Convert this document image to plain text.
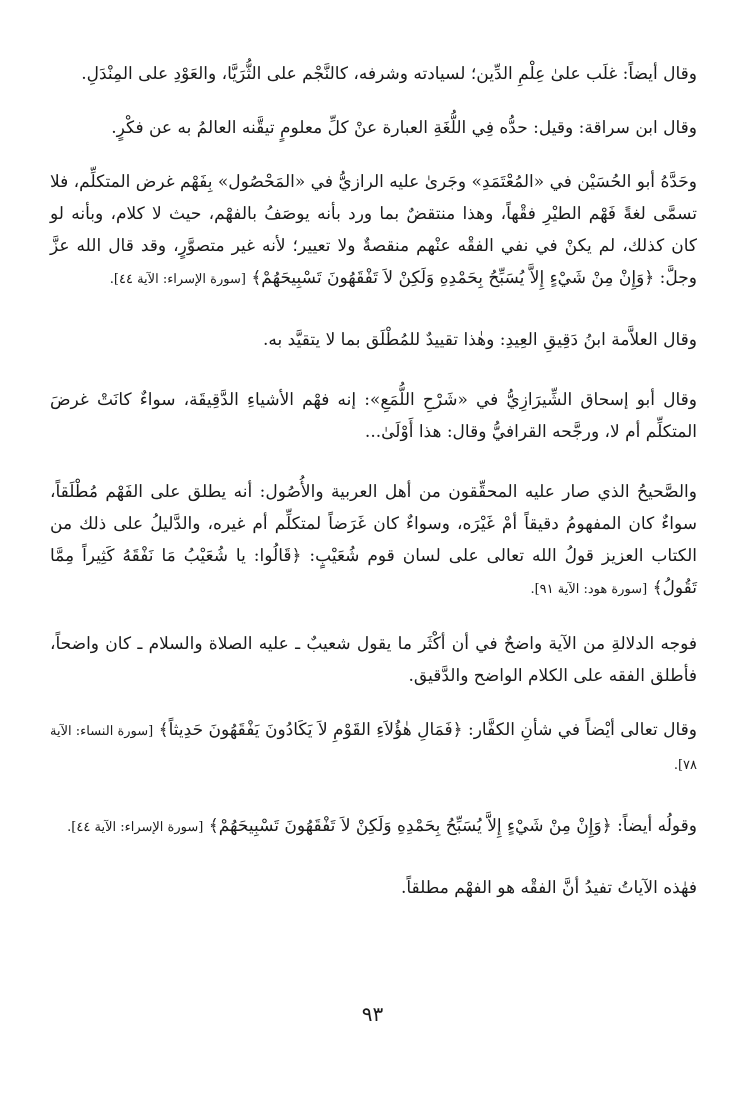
وقال أيضاً: غلَب علىٰ عِلْمِ الدِّين؛ لسيادته وشرفه، كالنَّجْم على الثُّرَيَّا، والعَوْدِ على المِنْدَلِ.

وقال ابن سراقة: وقيل: حدُّه فِي اللُّغَةِ العبارة عنْ كلِّ معلومٍ تيقَّنه العالمُ به عن فكْرٍ.

وحَدَّهُ أبو الحُسَيْن في «المُعْتَمَدِ» وجَرىٰ عليه الرازيُّ في «المَحْصُول» بِفَهْم غرض المتكلِّم، فلا تسمَّى لغةً فَهْم الطيْرِ فقْهاً، وهذا منتقضٌ بما ورد بأنه يوصَفُ بالفهْم، حيث لا كلام، وبأنه لو كان كذلك، لم يكنْ في نفي الفقْه عنْهم منقصةٌ ولا تعيير؛ لأنه غير متصوَّرٍ، وقد قال الله عزَّ وجلَّ: ﴿وَإِنْ مِنْ شَيْءٍ إِلاَّ يُسَبِّحُ بِحَمْدِهِ وَلَكِنْ لاَ تَفْقَهُونَ تَسْبِيحَهُمْ﴾ [سورة الإسراء: الآية ٤٤].

وقال العلاَّمة ابنُ دَقِيقِ العِيدِ: وهٰذا تقييدٌ للمُطْلَق بما لا يتقيَّد به.

وقال أبو إسحاق الشِّيرَازِيُّ في «شَرْحِ اللُّمَعِ»: إنه فهْم الأشياءِ الدَّقِيقَة، سواءٌ كانَتْ غرضَ المتكلِّم أم لا، ورجَّحه القرافيُّ وقال: هذا أَوْلَىٰ...

والصَّحيحُ الذي صار عليه المحقِّقون من أهل العربية والأُصُول: أنه يطلق على الفَهْم مُطْلَقاً، سواءٌ كان المفهومُ دقيقاً أمْ غَيْرَه، وسواءٌ كان غَرَضاً لمتكلِّم أم غيره، والدَّليلُ على ذلك من الكتاب العزيز قولُ الله تعالى على لسان قوم شُعَيْبٍ: ﴿قَالُوا: يا شُعَيْبُ مَا نَفْقَهُ كَثِيراً مِمَّا تَقُولُ﴾ [سورة هود: الآية ٩١].

فوجه الدلالةِ من الآية واضحٌ في أن أكْثَر ما يقول شعيبٌ ـ عليه الصلاة والسلام ـ كان واضحاً، فأطلق الفقه على الكلام الواضح والدَّقيق.

وقال تعالى أيْضاً في شأنِ الكفَّار: ﴿فَمَالِ هٰؤُلاَءِ القَوْمِ لاَ يَكَادُونَ يَفْقَهُونَ حَدِيثاً﴾ [سورة النساء: الآية ٧٨].

وقولُه أيضاً: ﴿وَإِنْ مِنْ شَيْءٍ إِلاَّ يُسَبِّحُ بِحَمْدِهِ وَلَكِنْ لاَ تَفْقَهُونَ تَسْبِيحَهُمْ﴾ [سورة الإسراء: الآية ٤٤].

فهٰذه الآياتُ تفيدُ أنَّ الفقْه هو الفهْم مطلقاً.

٩٣
